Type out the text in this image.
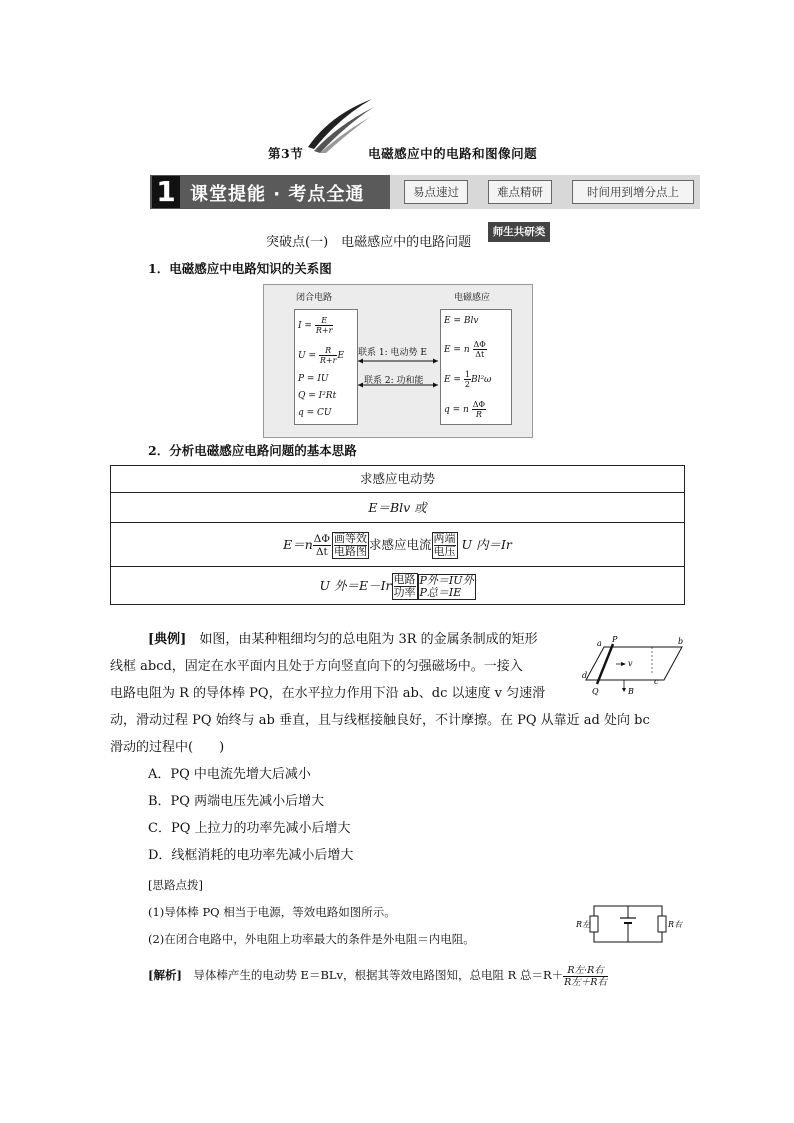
第3节	电磁感应中的电路和图像问题
1 课堂提能 · 考点全通	易点速过	难点精研	时间用到增分点上
突破点(一)　电磁感应中的电路问题
师生共研类
1．电磁感应中电路知识的关系图
闭合电路	电磁感应
$I = \frac{E}{R+r}$
$U = \frac{R}{R+r}$ E
P = IU
Q = I²Rt
q = CU
联系 1: 电动势 E
联系 2: 功和能
E = Blv
E = n $\frac{\Delta\Phi}{\Delta t}$
$E = \frac{1}{2} Bl^2\omega$
q = n $\frac{\Delta\Phi}{R}$
2．分析电磁感应电路问题的基本思路
求感应电动势
E＝Blv 或
$E=n \frac{\Delta\Phi}{\Delta t}$ 画等效
电路图 求感应电流 两端
电压 U 内＝Ir
U 外＝E－Ir 电路
功率
P外＝IU外
P总＝IE
[典例]　如图，由某种粗细均匀的总电阻为 3R 的金属条制成的矩形
线框 abcd，固定在水平面内且处于方向竖直向下的匀强磁场中。一接入
电路电阻为 R 的导体棒 PQ，在水平拉力作用下沿 ab、dc 以速度 v 匀速滑
动，滑动过程 PQ 始终与 ab 垂直，且与线框接触良好，不计摩擦。在 PQ 从靠近 ad 处向 bc
滑动的过程中(　　)
A．PQ 中电流先增大后减小
B．PQ 两端电压先减小后增大
C．PQ 上拉力的功率先减小后增大
D．线框消耗的电功率先减小后增大
a P	b
v
d
Q	B
c
[思路点拨]
(1)导体棒 PQ 相当于电源，等效电路如图所示。
(2)在闭合电路中，外电阻上功率最大的条件是外电阻＝内电阻。
R左	R右
[解析]　导体棒产生的电动势 E＝BLv，根据其等效电路图知，总电阻 R 总$=R+ \frac{\text{R左·R右}}{\text{R左＋R右}}$
